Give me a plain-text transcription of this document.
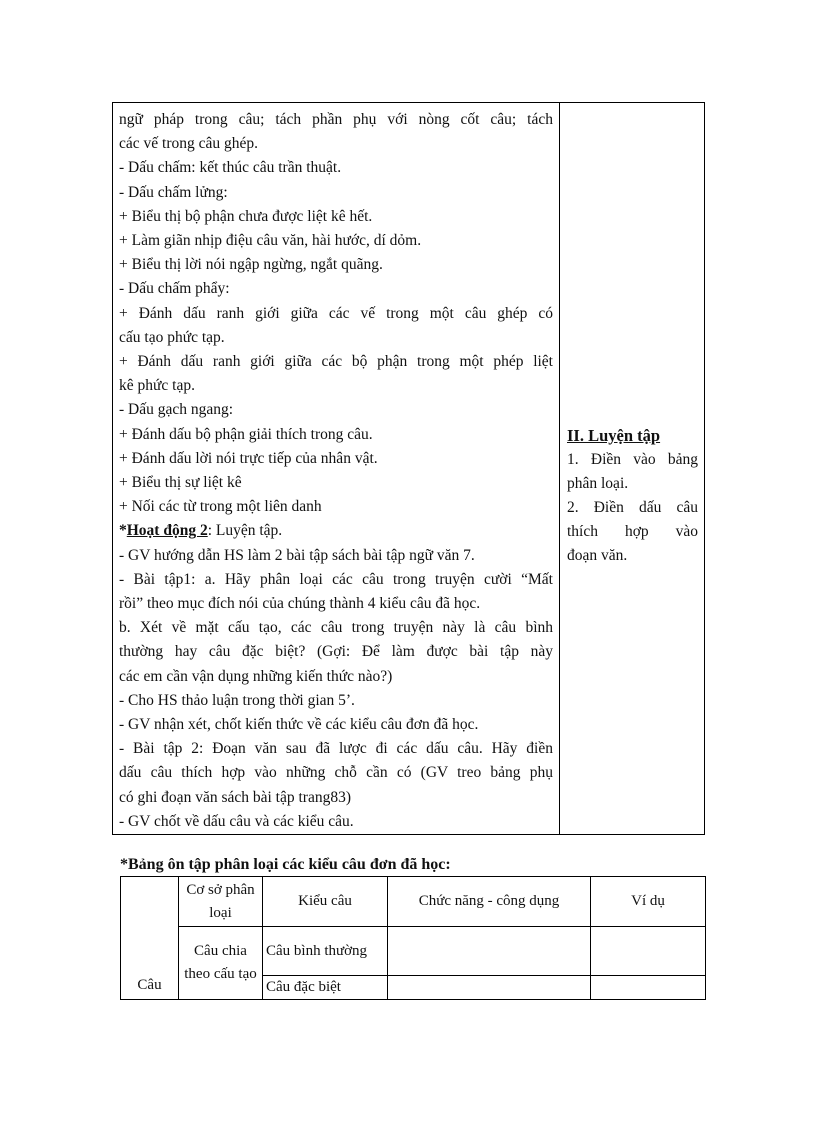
ngữ pháp trong câu; tách phần phụ với nòng cốt câu; tách
các vế trong câu ghép.
- Dấu chấm: kết thúc câu trần thuật.
- Dấu chấm lửng:
+ Biểu thị bộ phận chưa được liệt kê hết.
+ Làm giãn nhịp điệu câu văn, hài hước, dí dỏm.
+ Biểu thị lời nói ngập ngừng, ngắt quãng.
- Dấu chấm phẩy:
+ Đánh dấu ranh giới giữa các vế trong một câu ghép có
cấu tạo phức tạp.
+ Đánh dấu ranh giới giữa các bộ phận trong một phép liệt
kê phức tạp.
- Dấu gạch ngang:
+ Đánh dấu bộ phận giải thích trong câu.
+ Đánh dấu lời nói trực tiếp của nhân vật.
+ Biểu thị sự liệt kê
+ Nối các từ trong một liên danh
*Hoạt động 2: Luyện tập.
- GV hướng dẫn HS làm 2 bài tập sách bài tập ngữ văn 7.
- Bài tập1: a. Hãy phân loại các câu trong truyện cười “Mất
rồi” theo mục đích nói của chúng thành 4 kiểu câu đã học.
b. Xét về mặt cấu tạo, các câu trong truyện này là câu bình
thường hay câu đặc biệt? (Gợi: Để làm được bài tập này
các em cần vận dụng những kiến thức nào?)
- Cho HS thảo luận trong thời gian 5’.
- GV nhận xét, chốt kiến thức về các kiểu câu đơn đã học.
- Bài tập 2: Đoạn văn sau đã lược đi các dấu câu. Hãy điền
dấu câu thích hợp vào những chỗ cần có (GV treo bảng phụ
có ghi đoạn văn sách bài tập trang83)
- GV chốt về dấu câu và các kiểu câu.

II. Luyện tập
1. Điền vào bảng
phân loại.
2. Điền dấu câu
thích hợp vào
đoạn văn.
*Bảng ôn tập phân loại các kiểu câu đơn đã học:
Câu	Cơ sở phân loại	Kiểu câu	Chức năng - công dụng	Ví dụ
	Câu chia theo cấu tạo	Câu bình thường		
		Câu đặc biệt		
